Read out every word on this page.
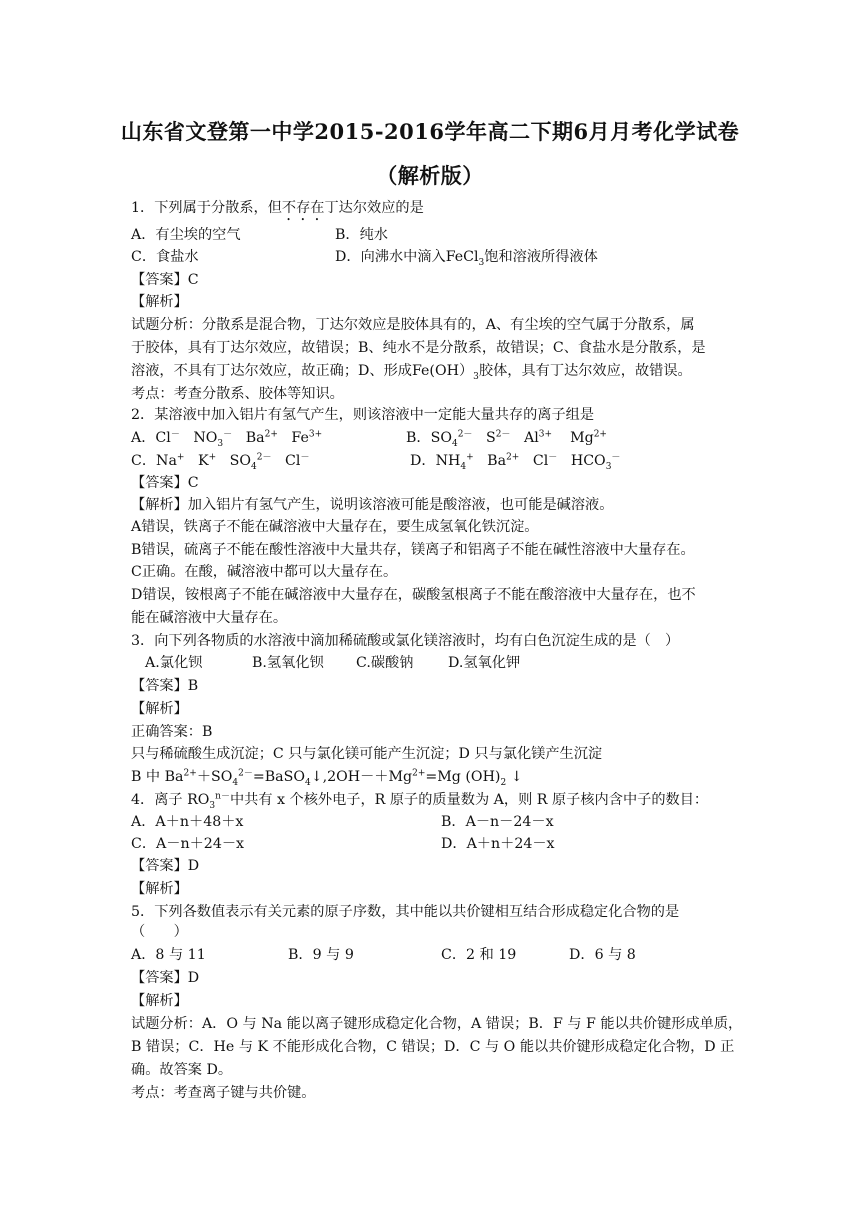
山东省文登第一中学2015-2016学年高二下期6月月考化学试卷
（解析版）
1．下列属于分散系，但不存在丁达尔效应的是
A．有尘埃的空气	B．纯水
C．食盐水	D．向沸水中滴入FeCl$_3$饱和溶液所得液体
【答案】C
【解析】
试题分析：分散系是混合物，丁达尔效应是胶体具有的，A、有尘埃的空气属于分散系，属
于胶体，具有丁达尔效应，故错误；B、纯水不是分散系，故错误；C、食盐水是分散系，是
溶液，不具有丁达尔效应，故正确；D、形成$Fe(OH)_3$胶体，具有丁达尔效应，故错误。
考点：考查分散系、胶体等知识。
2．某溶液中加入铝片有氢气产生，则该溶液中一定能大量共存的离子组是
A．Cl－   $NO_3^-$   $Ba^{2+}$   $Fe^{3+}$	B．$SO_4^{2-}$   $S^{2-}$   $Al^{3+}$    $Mg^{2+}$
C．Na+   K+   $SO_4^{2-}$   Cl－	D．$NH_4^+$   $Ba^{2+}$   Cl－   $HCO_3^-$
【答案】C
【解析】加入铝片有氢气产生，说明该溶液可能是酸溶液，也可能是碱溶液。
A错误，铁离子不能在碱溶液中大量存在，要生成氢氧化铁沉淀。
B错误，硫离子不能在酸性溶液中大量共存，镁离子和铝离子不能在碱性溶液中大量存在。
C正确。在酸，碱溶液中都可以大量存在。
D错误，铵根离子不能在碱溶液中大量存在，碳酸氢根离子不能在酸溶液中大量存在，也不
能在碱溶液中大量存在。
3．向下列各物质的水溶液中滴加稀硫酸或氯化镁溶液时，均有白色沉淀生成的是（　）
A.氯化钡	B.氢氧化钡 C.碳酸钠 D.氢氧化钾
【答案】B
【解析】
正确答案：B
只与稀硫酸生成沉淀；C 只与氯化镁可能产生沉淀；D 只与氯化镁产生沉淀
B 中 $Ba^{2+}+SO_4^{2-}=BaSO_4↓,2OH-+Mg^{2+}=Mg$ $(OH)_2$ ↓
4．离子 $RO_3^{n-}$中共有 x 个核外电子，R 原子的质量数为 A，则 R 原子核内含中子的数目：
A．A＋n＋48＋x	B．A－n－24－x
C．A－n＋24－x	D．A＋n＋24－x
【答案】D
【解析】
5．下列各数值表示有关元素的原子序数，其中能以共价键相互结合形成稳定化合物的是
（　　）
A．8 与 11	B．9 与 9	C．2 和 19	D．6 与 8
【答案】D
【解析】
试题分析：A．O 与 Na 能以离子键形成稳定化合物，A 错误；B．F 与 F 能以共价键形成单质，
B 错误；C．He 与 K 不能形成化合物，C 错误；D．C 与 O 能以共价键形成稳定化合物，D 正
确。故答案 D。
考点：考查离子键与共价键。
